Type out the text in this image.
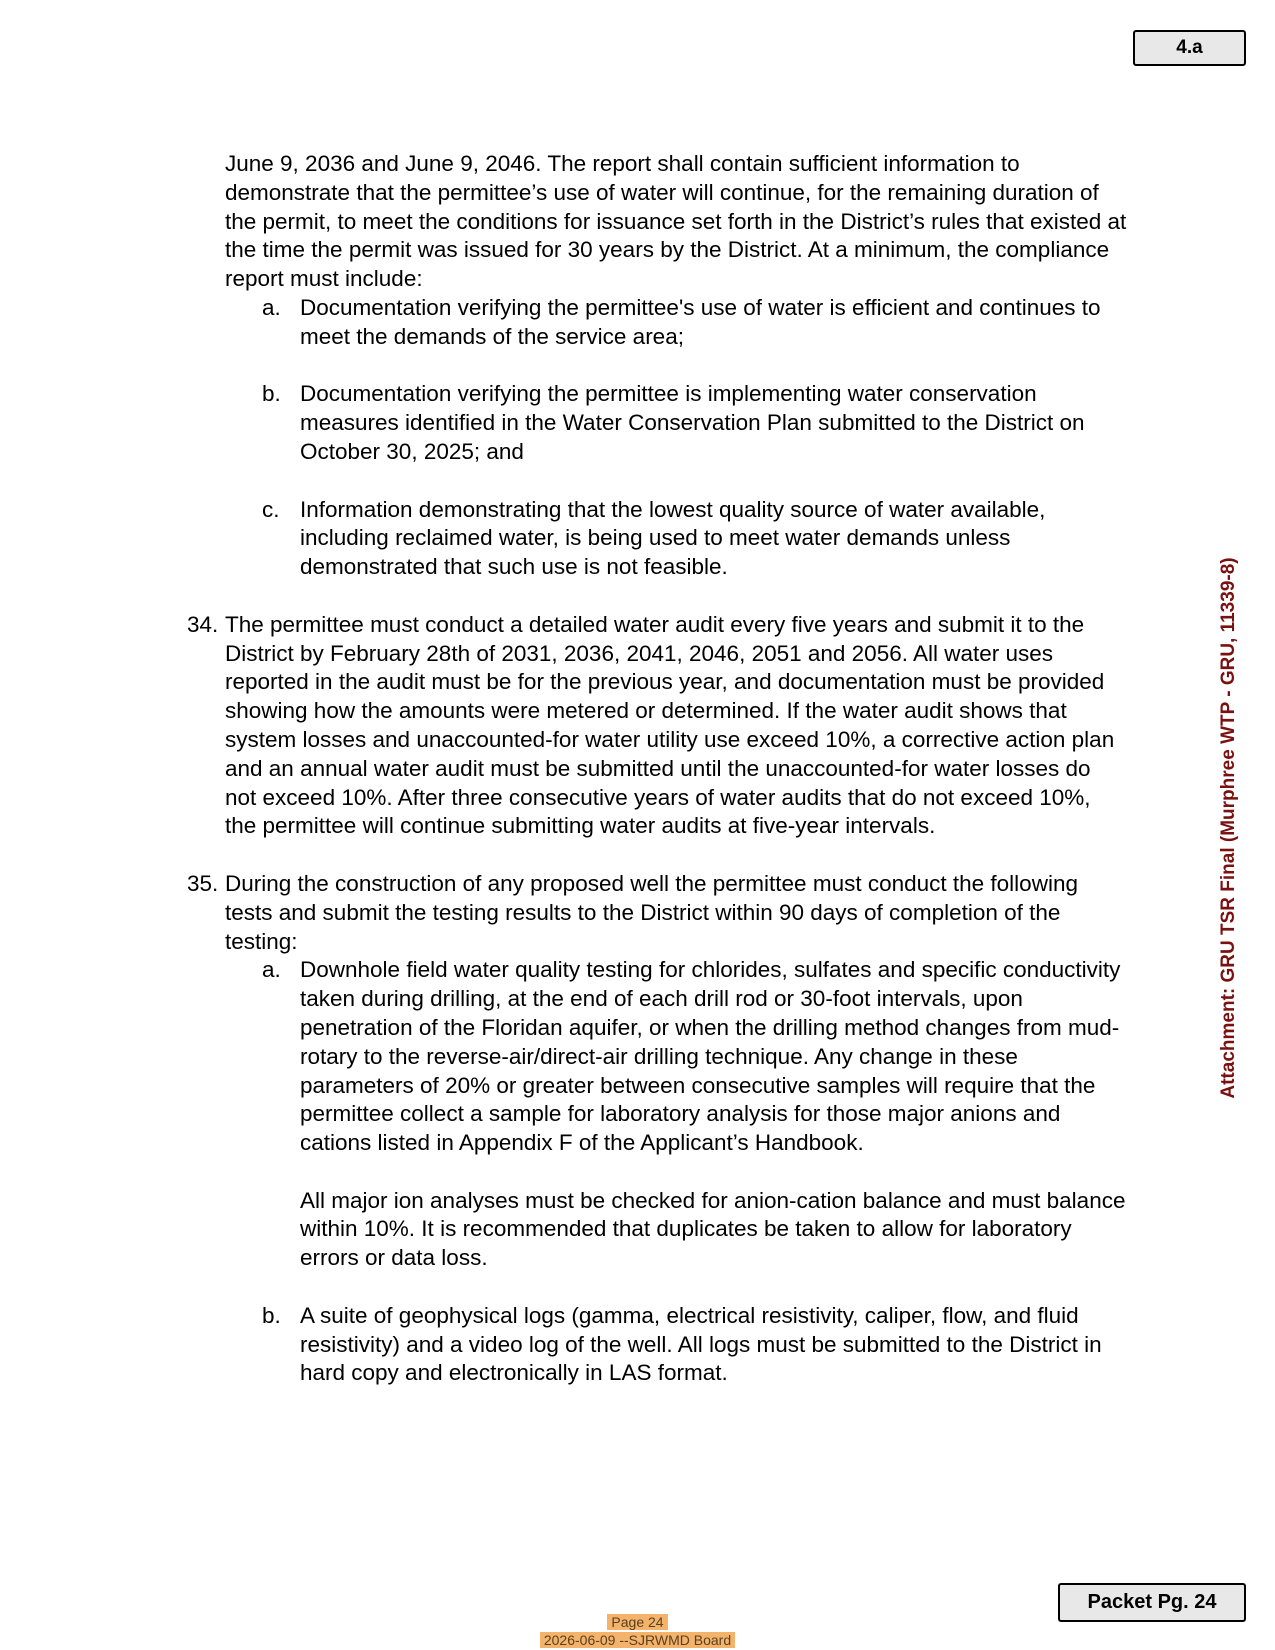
4.a
Attachment: GRU TSR Final (Murphree WTP - GRU, 11339-8)
June 9, 2036 and June 9, 2046. The report shall contain sufficient information to demonstrate that the permittee’s use of water will continue, for the remaining duration of the permit, to meet the conditions for issuance set forth in the District’s rules that existed at the time the permit was issued for 30 years by the District. At a minimum, the compliance report must include:
a. Documentation verifying the permittee's use of water is efficient and continues to meet the demands of the service area;
b. Documentation verifying the permittee is implementing water conservation measures identified in the Water Conservation Plan submitted to the District on October 30, 2025; and
c. Information demonstrating that the lowest quality source of water available, including reclaimed water, is being used to meet water demands unless demonstrated that such use is not feasible.
34. The permittee must conduct a detailed water audit every five years and submit it to the District by February 28th of 2031, 2036, 2041, 2046, 2051 and 2056. All water uses reported in the audit must be for the previous year, and documentation must be provided showing how the amounts were metered or determined. If the water audit shows that system losses and unaccounted-for water utility use exceed 10%, a corrective action plan and an annual water audit must be submitted until the unaccounted-for water losses do not exceed 10%. After three consecutive years of water audits that do not exceed 10%, the permittee will continue submitting water audits at five-year intervals.
35. During the construction of any proposed well the permittee must conduct the following tests and submit the testing results to the District within 90 days of completion of the testing:
a. Downhole field water quality testing for chlorides, sulfates and specific conductivity taken during drilling, at the end of each drill rod or 30-foot intervals, upon penetration of the Floridan aquifer, or when the drilling method changes from mud-rotary to the reverse-air/direct-air drilling technique. Any change in these parameters of 20% or greater between consecutive samples will require that the permittee collect a sample for laboratory analysis for those major anions and cations listed in Appendix F of the Applicant’s Handbook.
All major ion analyses must be checked for anion-cation balance and must balance within 10%. It is recommended that duplicates be taken to allow for laboratory errors or data loss.
b. A suite of geophysical logs (gamma, electrical resistivity, caliper, flow, and fluid resistivity) and a video log of the well. All logs must be submitted to the District in hard copy and electronically in LAS format.
Packet Pg. 24
Page 24
2026-06-09 --SJRWMD Board
